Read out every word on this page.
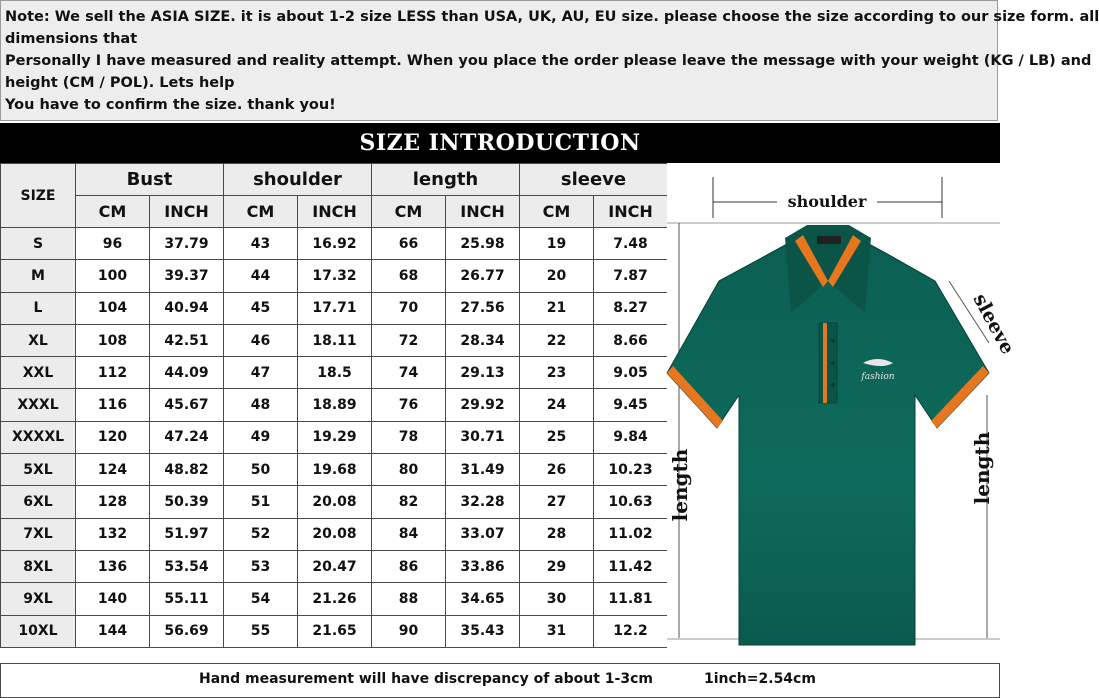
Note: We sell the ASIA SIZE. it is about 1-2 size LESS than USA, UK, AU, EU size. please choose the size according to our size form. all
dimensions that
Personally I have measured and reality attempt. When you place the order please leave the message with your weight (KG / LB) and
height (CM / POL). Lets help
You have to confirm the size. thank you!
SIZE INTRODUCTION
SIZE	Bust		shoulder		length		sleeve	
	CM	INCH	CM	INCH	CM	INCH	CM	INCH
S	96	37.79	43	16.92	66	25.98	19	7.48
M	100	39.37	44	17.32	68	26.77	20	7.87
L	104	40.94	45	17.71	70	27.56	21	8.27
XL	108	42.51	46	18.11	72	28.34	22	8.66
XXL	112	44.09	47	18.5	74	29.13	23	9.05
XXXL	116	45.67	48	18.89	76	29.92	24	9.45
XXXXL	120	47.24	49	19.29	78	30.71	25	9.84
5XL	124	48.82	50	19.68	80	31.49	26	10.23
6XL	128	50.39	51	20.08	82	32.28	27	10.63
7XL	132	51.97	52	20.08	84	33.07	28	11.02
8XL	136	53.54	53	20.47	86	33.86	29	11.42
9XL	140	55.11	54	21.26	88	34.65	30	11.81
10XL	144	56.69	55	21.65	90	35.43	31	12.2
shoulder
length	length
sleeve
fashion
Hand measurement will have discrepancy of about 1-3cm	1inch=2.54cm
